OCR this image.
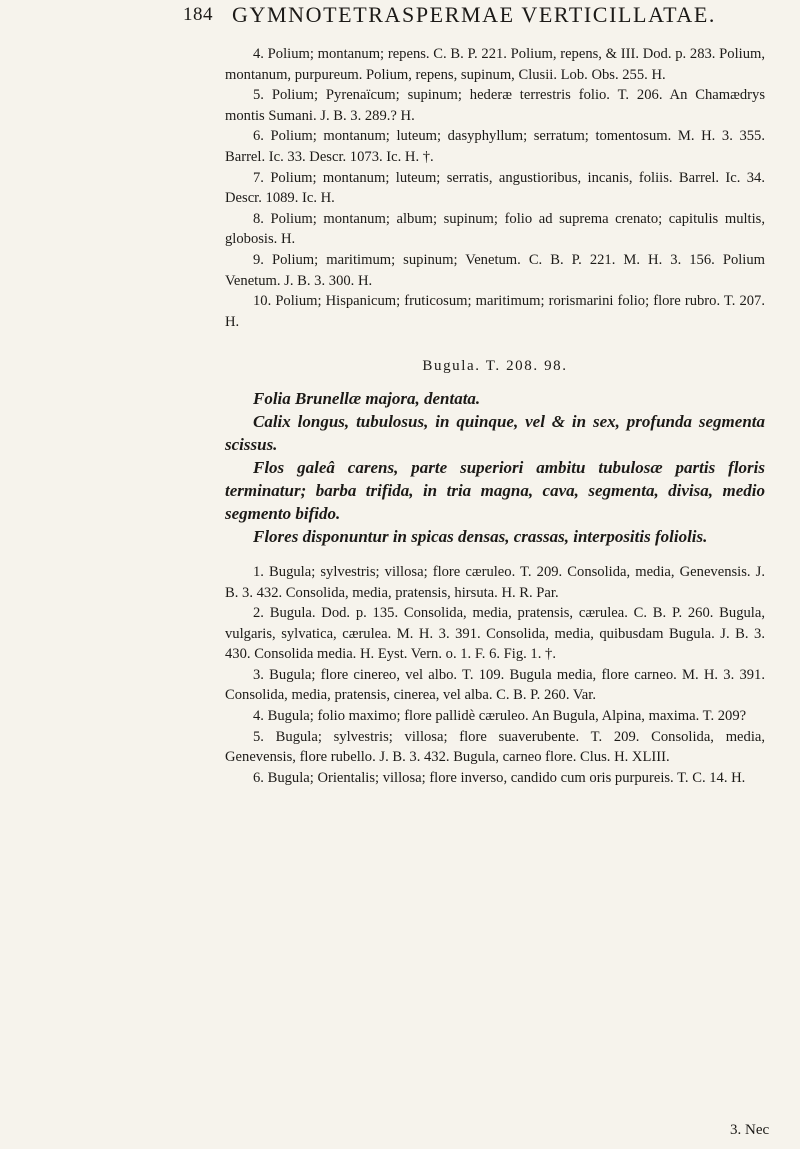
184 GYMNOTETRASPERMAE VERTICILLATAE.

4. Polium; montanum; repens. C. B. P. 221. Polium, repens, & III. Dod. p. 283. Polium, montanum, purpureum. Polium, repens, supinum, Clusii. Lob. Obs. 255. H.

5. Polium; Pyrenaïcum; supinum; hederæ terrestris folio. T. 206. An Chamædrys montis Sumani. J. B. 3. 289.? H.

6. Polium; montanum; luteum; dasyphyllum; serratum; tomentosum. M. H. 3. 355. Barrel. Ic. 33. Descr. 1073. Ic. H. †.

7. Polium; montanum; luteum; serratis, angustioribus, incanis, foliis. Barrel. Ic. 34. Descr. 1089. Ic. H.

8. Polium; montanum; album; supinum; folio ad suprema crenato; capitulis multis, globosis. H.

9. Polium; maritimum; supinum; Venetum. C. B. P. 221. M. H. 3. 156. Polium Venetum. J. B. 3. 300. H.

10. Polium; Hispanicum; fruticosum; maritimum; rorismarini folio; flore rubro. T. 207. H.

Bugula. T. 208. 98.

Folia Brunellæ majora, dentata.

Calix longus, tubulosus, in quinque, vel & in sex, profunda segmenta scissus.

Flos galeâ carens, parte superiori ambitu tubulosæ partis floris terminatur; barba trifida, in tria magna, cava, segmenta, divisa, medio segmento bifido.

Flores disponuntur in spicas densas, crassas, interpositis foliolis.

1. Bugula; sylvestris; villosa; flore cæruleo. T. 209. Consolida, media, Genevensis. J. B. 3. 432. Consolida, media, pratensis, hirsuta. H. R. Par.

2. Bugula. Dod. p. 135. Consolida, media, pratensis, cærulea. C. B. P. 260. Bugula, vulgaris, sylvatica, cærulea. M. H. 3. 391. Consolida, media, quibusdam Bugula. J. B. 3. 430. Consolida media. H. Eyst. Vern. o. 1. F. 6. Fig. 1. †.

3. Bugula; flore cinereo, vel albo. T. 109. Bugula media, flore carneo. M. H. 3. 391. Consolida, media, pratensis, cinerea, vel alba. C. B. P. 260. Var.

4. Bugula; folio maximo; flore pallidè cæruleo. An Bugula, Alpina, maxima. T. 209?

5. Bugula; sylvestris; villosa; flore suaverubente. T. 209. Consolida, media, Genevensis, flore rubello. J. B. 3. 432. Bugula, carneo flore. Clus. H. XLIII.

6. Bugula; Orientalis; villosa; flore inverso, candido cum oris purpureis. T. C. 14. H.

3. Nec
